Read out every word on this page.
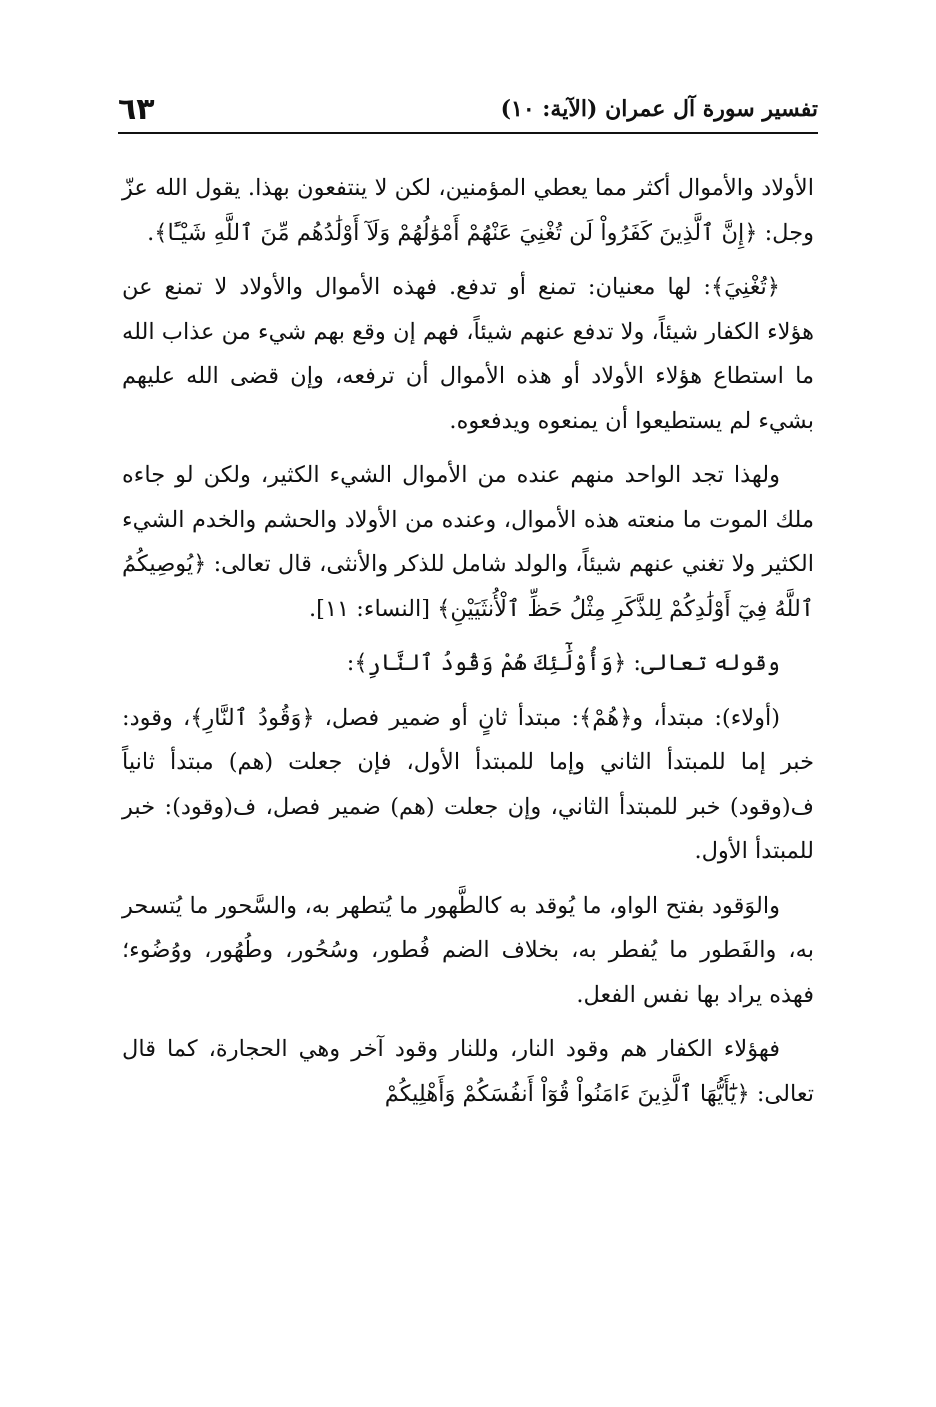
تفسير سورة آل عمران (الآية: ١٠)
٦٣

الأولاد والأموال أكثر مما يعطي المؤمنين، لكن لا ينتفعون بهذا. يقول الله عزّ وجل: ﴿إِنَّ ٱلَّذِينَ كَفَرُواْ لَن تُغْنِيَ عَنْهُمْ أَمْوَٰلُهُمْ وَلَآ أَوْلَٰدُهُم مِّنَ ٱللَّهِ شَيْـًٔا﴾.

﴿تُغْنِيَ﴾: لها معنيان: تمنع أو تدفع. فهذه الأموال والأولاد لا تمنع عن هؤلاء الكفار شيئاً، ولا تدفع عنهم شيئاً، فهم إن وقع بهم شيء من عذاب الله ما استطاع هؤلاء الأولاد أو هذه الأموال أن ترفعه، وإن قضى الله عليهم بشيء لم يستطيعوا أن يمنعوه ويدفعوه.

ولهذا تجد الواحد منهم عنده من الأموال الشيء الكثير، ولكن لو جاءه ملك الموت ما منعته هذه الأموال، وعنده من الأولاد والحشم والخدم الشيء الكثير ولا تغني عنهم شيئاً، والولد شامل للذكر والأنثى، قال تعالى: ﴿يُوصِيكُمُ ٱللَّهُ فِيٓ أَوْلَٰدِكُمْ لِلذَّكَرِ مِثْلُ حَظِّ ٱلْأُنثَيَيْنِ﴾ [النساء: ١١].

وقوله تعالى: ﴿وَأُوْلَٰٓئِكَ هُمْ وَقُودُ ٱلنَّارِ﴾:

(أولاء): مبتدأ، و﴿هُمْ﴾: مبتدأ ثانٍ أو ضمير فصل، ﴿وَقُودُ ٱلنَّارِ﴾، وقود: خبر إما للمبتدأ الثاني وإما للمبتدأ الأول، فإن جعلت (هم) مبتدأ ثانياً ف(وقود) خبر للمبتدأ الثاني، وإن جعلت (هم) ضمير فصل، ف(وقود): خبر للمبتدأ الأول.

والوَقود بفتح الواو، ما يُوقد به كالطَّهور ما يُتطهر به، والسَّحور ما يُتسحر به، والفَطور ما يُفطر به، بخلاف الضم فُطور، وسُحُور، وطُهُور، ووُضُوء؛ فهذه يراد بها نفس الفعل.

فهؤلاء الكفار هم وقود النار، وللنار وقود آخر وهي الحجارة، كما قال تعالى: ﴿يَٰٓأَيُّهَا ٱلَّذِينَ ءَامَنُواْ قُوٓاْ أَنفُسَكُمْ وَأَهْلِيكُمْ
